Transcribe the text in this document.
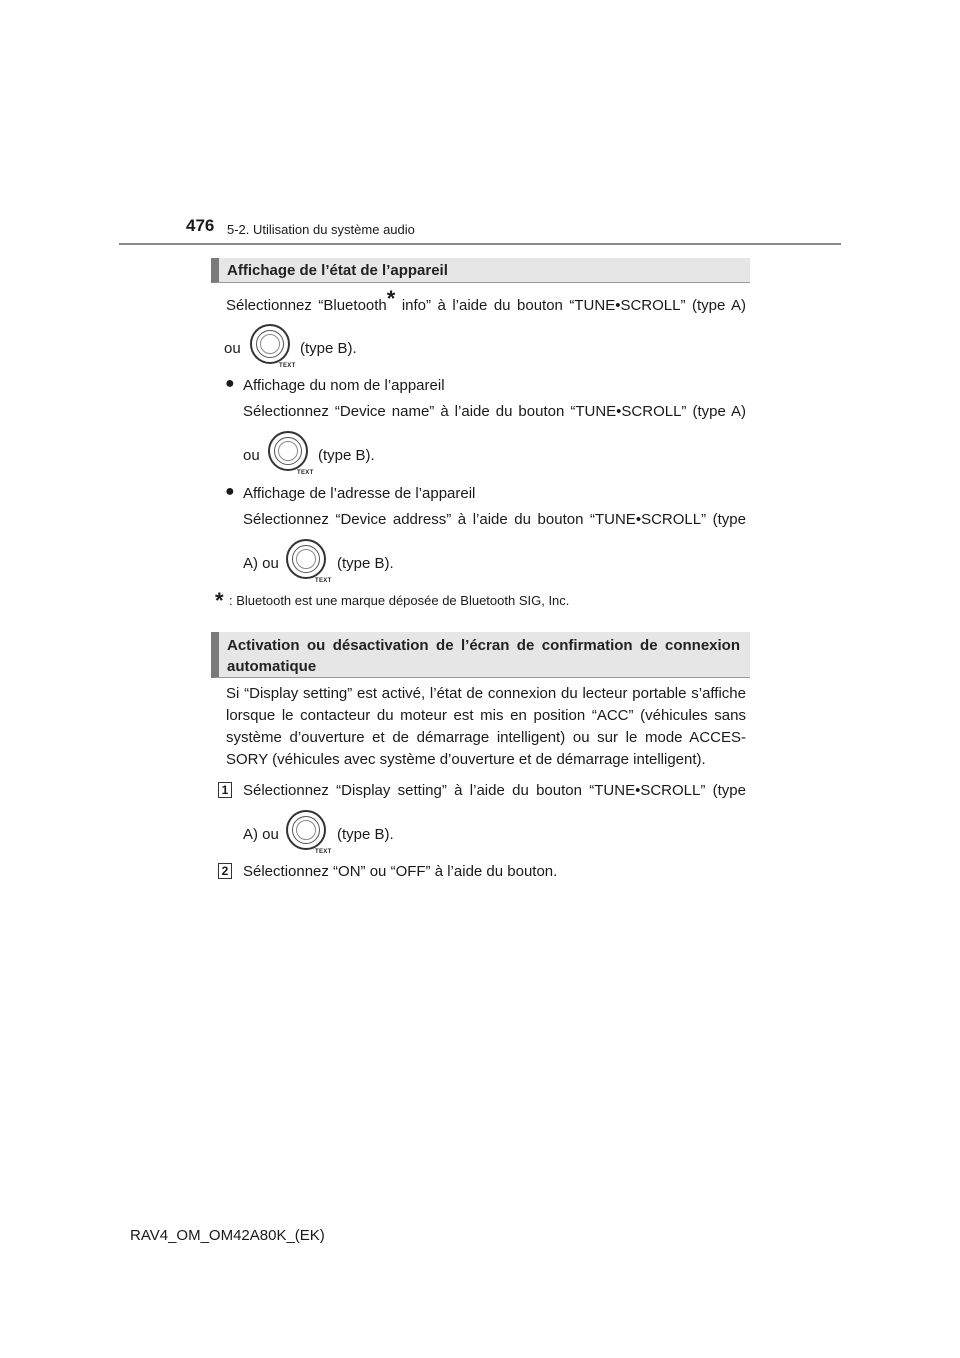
476 5-2. Utilisation du système audio
Affichage de l’état de l’appareil
Sélectionnez “Bluetooth* info” à l’aide du bouton “TUNE•SCROLL” (type A)
ou
TEXT
(type B).
● Affichage du nom de l’appareil
Sélectionnez “Device name” à l’aide du bouton “TUNE•SCROLL” (type A)
ou
TEXT
(type B).
● Affichage de l’adresse de l’appareil
Sélectionnez “Device address” à l’aide du bouton “TUNE•SCROLL” (type
A) ou
TEXT
(type B).
* : Bluetooth est une marque déposée de Bluetooth SIG, Inc.
Activation ou désactivation de l’écran de confirmation de connexion
automatique
Si “Display setting” est activé, l’état de connexion du lecteur portable s’affiche
lorsque le contacteur du moteur est mis en position “ACC” (véhicules sans
système d’ouverture et de démarrage intelligent) ou sur le mode ACCES-
SORY (véhicules avec système d’ouverture et de démarrage intelligent).
1 Sélectionnez “Display setting” à l’aide du bouton “TUNE•SCROLL” (type
A) ou
TEXT
(type B).
2 Sélectionnez “ON” ou “OFF” à l’aide du bouton.
RAV4_OM_OM42A80K_(EK)
